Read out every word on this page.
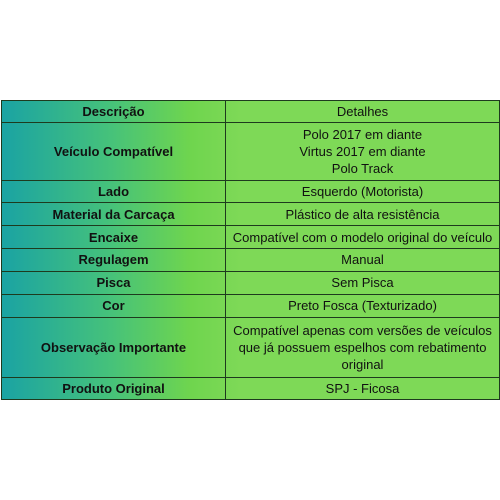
Descrição	Detalhes
Veículo Compatível	Polo 2017 em diante
Virtus 2017 em diante
Polo Track

Lado	Esquerdo (Motorista)
Material da Carcaça	Plástico de alta resistência
Encaixe	Compatível com o modelo original do veículo
Regulagem	Manual
Pisca	Sem Pisca
Cor	Preto Fosca (Texturizado)
Observação Importante	Compatível apenas com versões de veículos
que já possuem espelhos com rebatimento
original

Produto Original	SPJ - Ficosa
